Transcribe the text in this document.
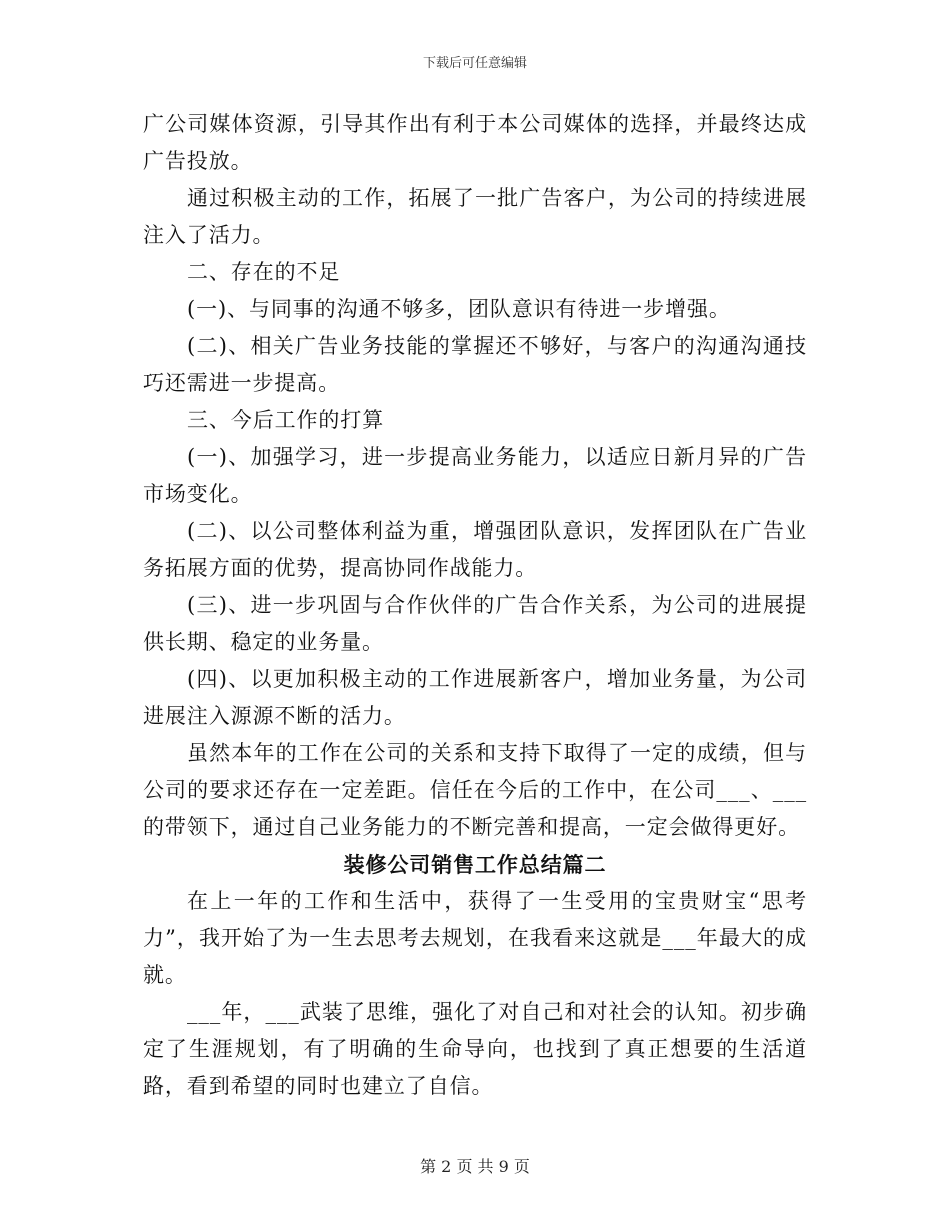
下载后可任意编辑

广公司媒体资源，引导其作出有利于本公司媒体的选择，并最终达成广告投放。

通过积极主动的工作，拓展了一批广告客户，为公司的持续进展注入了活力。

二、存在的不足

(一)、与同事的沟通不够多，团队意识有待进一步增强。

(二)、相关广告业务技能的掌握还不够好，与客户的沟通沟通技巧还需进一步提高。

三、今后工作的打算

(一)、加强学习，进一步提高业务能力，以适应日新月异的广告市场变化。

(二)、以公司整体利益为重，增强团队意识，发挥团队在广告业务拓展方面的优势，提高协同作战能力。

(三)、进一步巩固与合作伙伴的广告合作关系，为公司的进展提供长期、稳定的业务量。

(四)、以更加积极主动的工作进展新客户，增加业务量，为公司进展注入源源不断的活力。

虽然本年的工作在公司的关系和支持下取得了一定的成绩，但与公司的要求还存在一定差距。信任在今后的工作中，在公司___、___的带领下，通过自己业务能力的不断完善和提高，一定会做得更好。

装修公司销售工作总结篇二

在上一年的工作和生活中，获得了一生受用的宝贵财宝“思考力”，我开始了为一生去思考去规划，在我看来这就是___年最大的成就。

___年，___武装了思维，强化了对自己和对社会的认知。初步确定了生涯规划，有了明确的生命导向，也找到了真正想要的生活道路，看到希望的同时也建立了自信。

第 2 页 共 9 页
